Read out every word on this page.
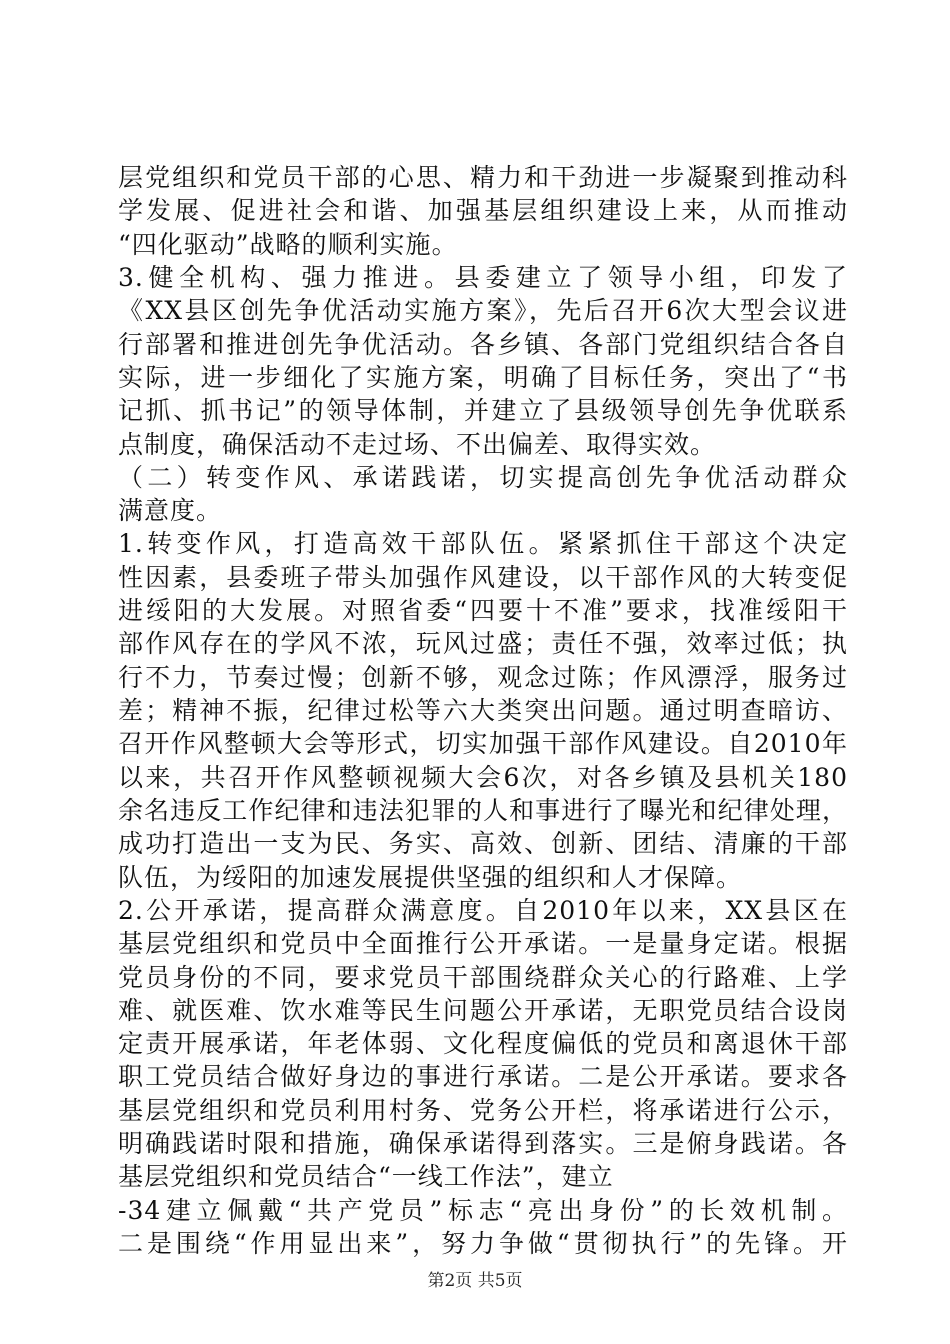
层党组织和党员干部的心思、精力和干劲进一步凝聚到推动科
学发展、促进社会和谐、加强基层组织建设上来，从而推动
“四化驱动”战略的顺利实施。
3.健全机构、强力推进。县委建立了领导小组，印发了
《XX县区创先争优活动实施方案》，先后召开6次大型会议进
行部署和推进创先争优活动。各乡镇、各部门党组织结合各自
实际，进一步细化了实施方案，明确了目标任务，突出了“书
记抓、抓书记”的领导体制，并建立了县级领导创先争优联系
点制度，确保活动不走过场、不出偏差、取得实效。
（二）转变作风、承诺践诺，切实提高创先争优活动群众
满意度。
1.转变作风，打造高效干部队伍。紧紧抓住干部这个决定
性因素，县委班子带头加强作风建设，以干部作风的大转变促
进绥阳的大发展。对照省委“四要十不准”要求，找准绥阳干
部作风存在的学风不浓，玩风过盛；责任不强，效率过低；执
行不力，节奏过慢；创新不够，观念过陈；作风漂浮，服务过
差；精神不振，纪律过松等六大类突出问题。通过明查暗访、
召开作风整顿大会等形式，切实加强干部作风建设。自2010年
以来，共召开作风整顿视频大会6次，对各乡镇及县机关180
余名违反工作纪律和违法犯罪的人和事进行了曝光和纪律处理，
成功打造出一支为民、务实、高效、创新、团结、清廉的干部
队伍，为绥阳的加速发展提供坚强的组织和人才保障。
2.公开承诺，提高群众满意度。自2010年以来，XX县区在
基层党组织和党员中全面推行公开承诺。一是量身定诺。根据
党员身份的不同，要求党员干部围绕群众关心的行路难、上学
难、就医难、饮水难等民生问题公开承诺，无职党员结合设岗
定责开展承诺，年老体弱、文化程度偏低的党员和离退休干部
职工党员结合做好身边的事进行承诺。二是公开承诺。要求各
基层党组织和党员利用村务、党务公开栏，将承诺进行公示，
明确践诺时限和措施，确保承诺得到落实。三是俯身践诺。各
基层党组织和党员结合“一线工作法”，建立
-34建立佩戴“共产党员”标志“亮出身份”的长效机制。
二是围绕“作用显出来”，努力争做“贯彻执行”的先锋。开
第2页 共5页
